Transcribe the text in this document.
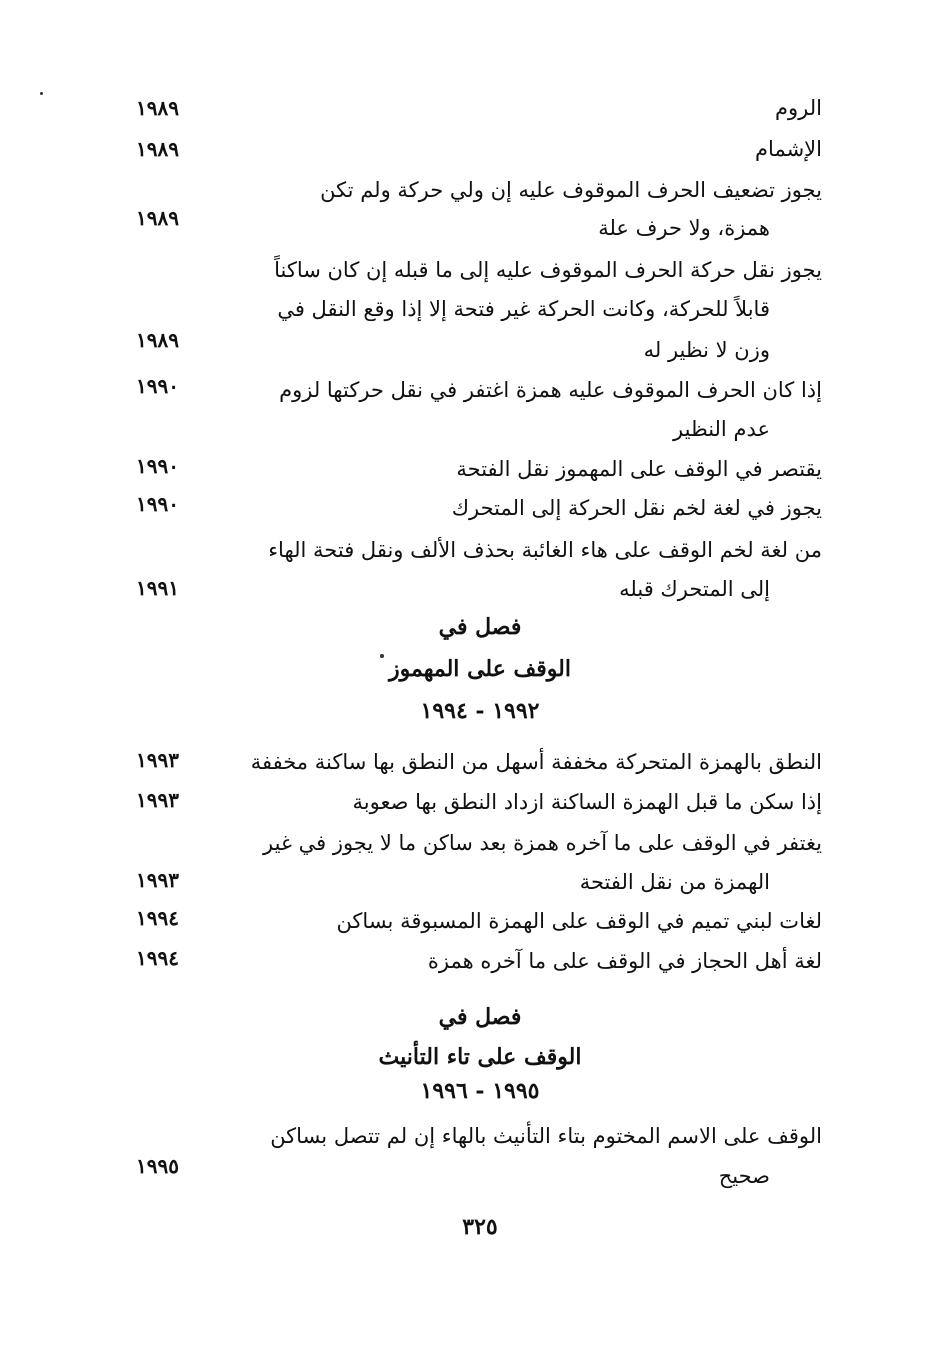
الروم
١٩٨٩
الإشمام
١٩٨٩
يجوز تضعيف الحرف الموقوف عليه إن ولي حركة ولم تكن
همزة، ولا حرف علة
١٩٨٩
يجوز نقل حركة الحرف الموقوف عليه إلى ما قبله إن كان ساكناً
قابلاً للحركة، وكانت الحركة غير فتحة إلا إذا وقع النقل في
وزن لا نظير له
١٩٨٩
إذا كان الحرف الموقوف عليه همزة اغتفر في نقل حركتها لزوم
عدم النظير
١٩٩٠
يقتصر في الوقف على المهموز نقل الفتحة
١٩٩٠
يجوز في لغة لخم نقل الحركة إلى المتحرك
١٩٩٠
من لغة لخم الوقف على هاء الغائبة بحذف الألف ونقل فتحة الهاء
إلى المتحرك قبله
١٩٩١
فصل في
الوقف على المهموز
١٩٩٢ - ١٩٩٤
النطق بالهمزة المتحركة مخففة أسهل من النطق بها ساكنة مخففة
١٩٩٣
إذا سكن ما قبل الهمزة الساكنة ازداد النطق بها صعوبة
١٩٩٣
يغتفر في الوقف على ما آخره همزة بعد ساكن ما لا يجوز في غير
الهمزة من نقل الفتحة
١٩٩٣
لغات لبني تميم في الوقف على الهمزة المسبوقة بساكن
١٩٩٤
لغة أهل الحجاز في الوقف على ما آخره همزة
١٩٩٤
فصل في
الوقف على تاء التأنيث
١٩٩٥ - ١٩٩٦
الوقف على الاسم المختوم بتاء التأنيث بالهاء إن لم تتصل بساكن
صحيح
١٩٩٥
٣٢٥
